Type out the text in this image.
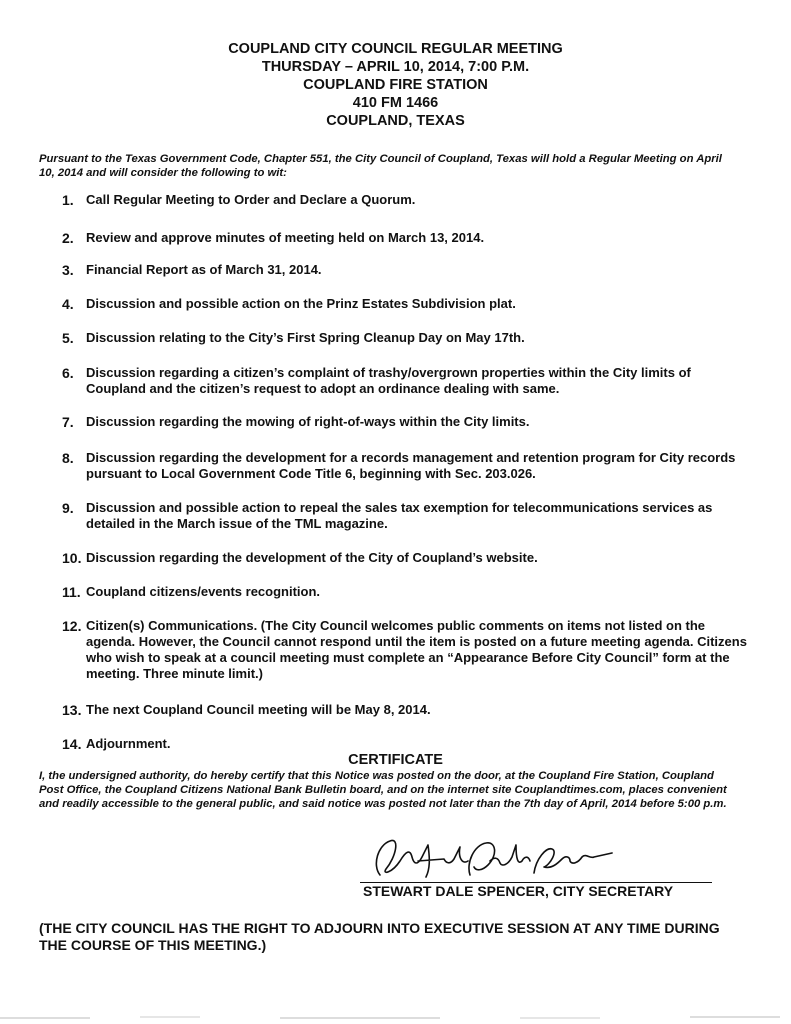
COUPLAND CITY COUNCIL REGULAR MEETING
THURSDAY – APRIL 10, 2014, 7:00 P.M.
COUPLAND FIRE STATION
410 FM 1466
COUPLAND, TEXAS
Pursuant to the Texas Government Code, Chapter 551, the City Council of Coupland, Texas will hold a Regular Meeting on April 10, 2014 and will consider the following to wit:
1. Call Regular Meeting to Order and Declare a Quorum.
2. Review and approve minutes of meeting held on March 13, 2014.
3. Financial Report as of March 31, 2014.
4. Discussion and possible action on the Prinz Estates Subdivision plat.
5. Discussion relating to the City’s First Spring Cleanup Day on May 17th.
6. Discussion regarding a citizen’s complaint of trashy/overgrown properties within the City limits of Coupland and the citizen’s request to adopt an ordinance dealing with same.
7. Discussion regarding the mowing of right-of-ways within the City limits.
8. Discussion regarding the development for a records management and retention program for City records pursuant to Local Government Code Title 6, beginning with Sec. 203.026.
9. Discussion and possible action to repeal the sales tax exemption for telecommunications services as detailed in the March issue of the TML magazine.
10. Discussion regarding the development of the City of Coupland’s website.
11. Coupland citizens/events recognition.
12. Citizen(s) Communications. (The City Council welcomes public comments on items not listed on the agenda. However, the Council cannot respond until the item is posted on a future meeting agenda. Citizens who wish to speak at a council meeting must complete an “Appearance Before City Council” form at the meeting. Three minute limit.)
13. The next Coupland Council meeting will be May 8, 2014.
14. Adjournment.
CERTIFICATE
I, the undersigned authority, do hereby certify that this Notice was posted on the door, at the Coupland Fire Station, Coupland Post Office, the Coupland Citizens National Bank Bulletin board, and on the internet site Couplandtimes.com, places convenient and readily accessible to the general public, and said notice was posted not later than the 7th day of April, 2014 before 5:00 p.m.
STEWART DALE SPENCER, CITY SECRETARY
(THE CITY COUNCIL HAS THE RIGHT TO ADJOURN INTO EXECUTIVE SESSION AT ANY TIME DURING THE COURSE OF THIS MEETING.)
